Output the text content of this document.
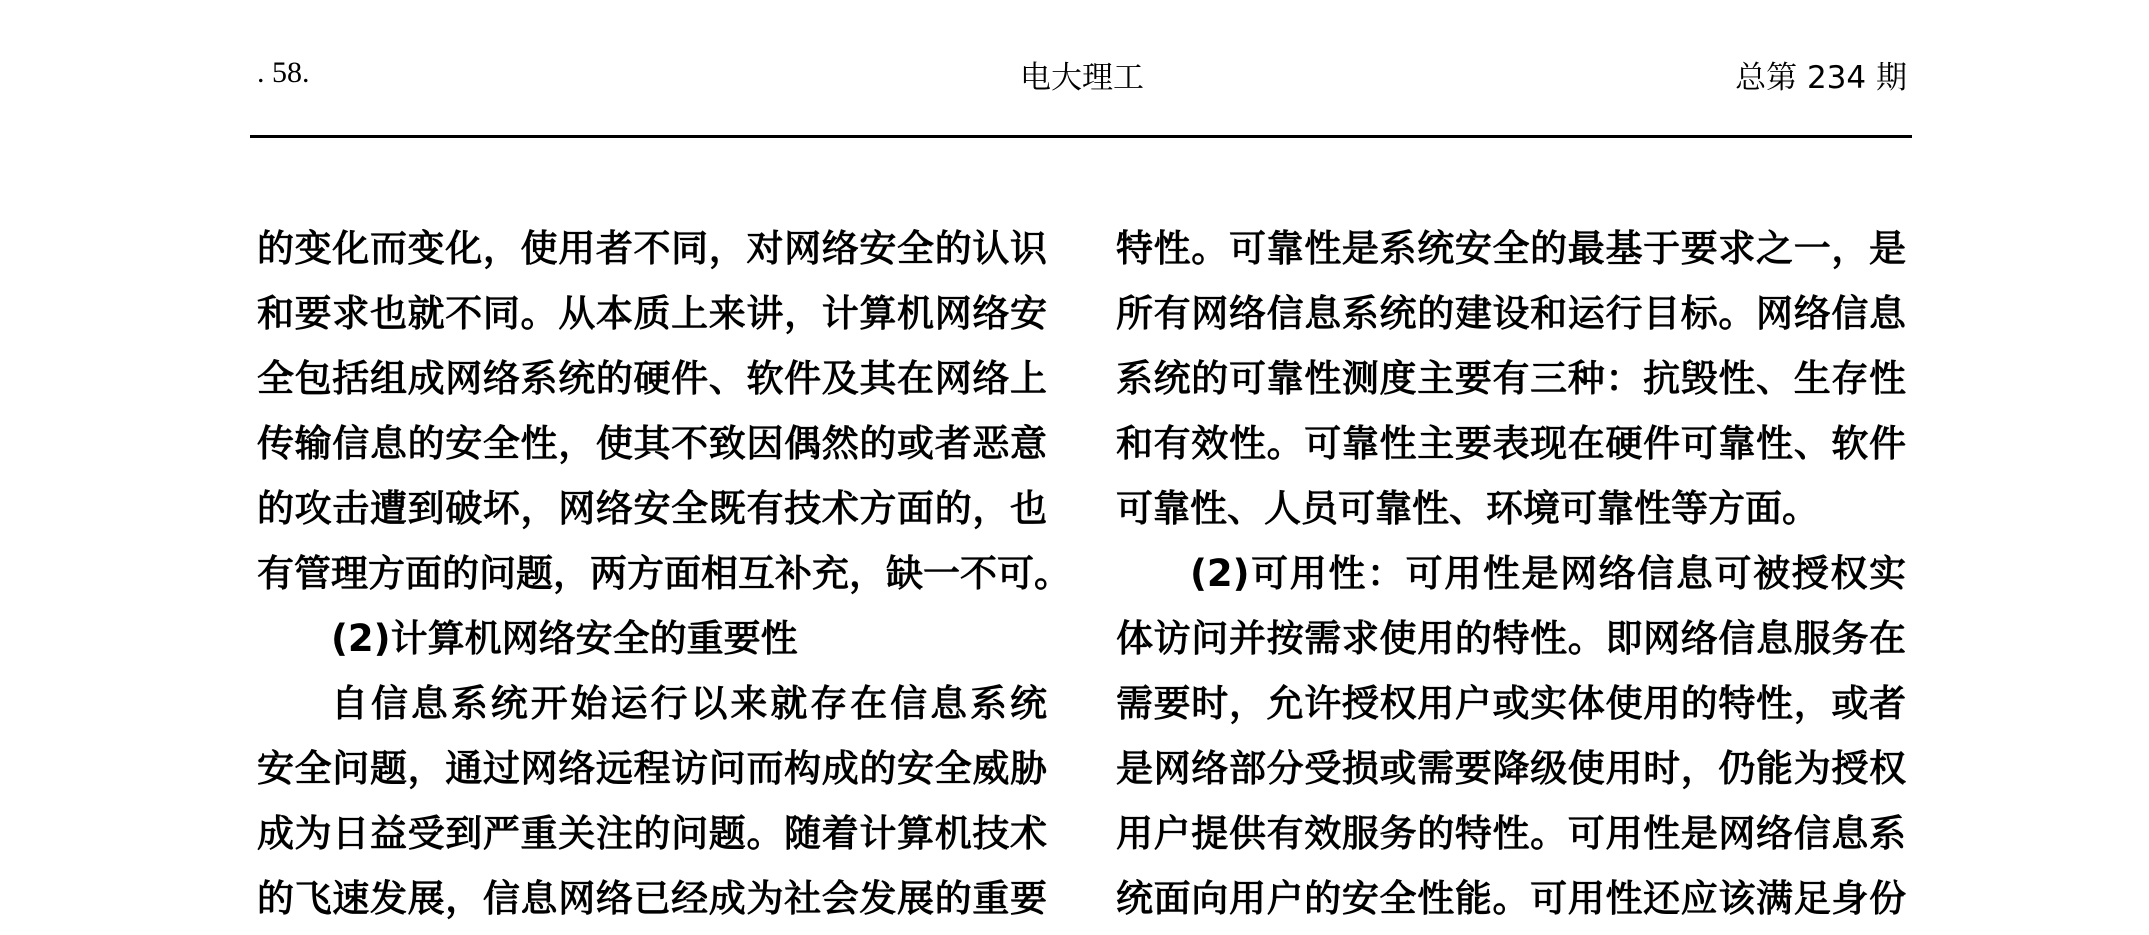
. 58.	电大理工	总第 234 期
的变化而变化，使用者不同，对网络安全的认识
和要求也就不同。从本质上来讲，计算机网络安
全包括组成网络系统的硬件、软件及其在网络上
传输信息的安全性，使其不致因偶然的或者恶意
的攻击遭到破坏，网络安全既有技术方面的，也
有管理方面的问题，两方面相互补充，缺一不可。
(2)计算机网络安全的重要性
自信息系统开始运行以来就存在信息系统
安全问题，通过网络远程访问而构成的安全威胁
成为日益受到严重关注的问题。随着计算机技术
的飞速发展，信息网络已经成为社会发展的重要
特性。可靠性是系统安全的最基于要求之一，是
所有网络信息系统的建设和运行目标。网络信息
系统的可靠性测度主要有三种：抗毁性、生存性
和有效性。可靠性主要表现在硬件可靠性、软件
可靠性、人员可靠性、环境可靠性等方面。
(2)可用性：可用性是网络信息可被授权实
体访问并按需求使用的特性。即网络信息服务在
需要时，允许授权用户或实体使用的特性，或者
是网络部分受损或需要降级使用时，仍能为授权
用户提供有效服务的特性。可用性是网络信息系
统面向用户的安全性能。可用性还应该满足身份
